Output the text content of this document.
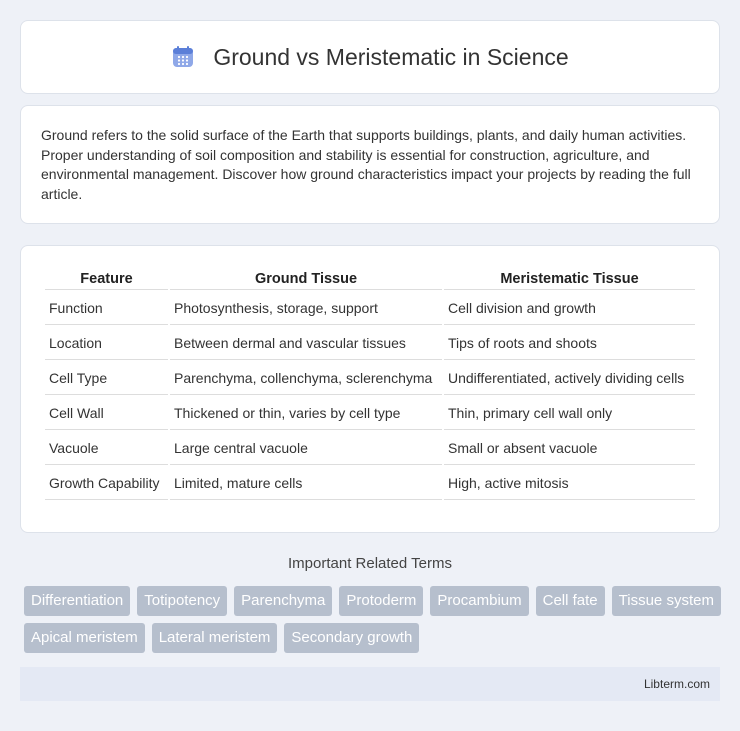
Ground vs Meristematic in Science

Ground refers to the solid surface of the Earth that supports buildings, plants, and daily human activities. Proper understanding of soil composition and stability is essential for construction, agriculture, and environmental management. Discover how ground characteristics impact your projects by reading the full article.

Feature	Ground Tissue	Meristematic Tissue
Function	Photosynthesis, storage, support	Cell division and growth
Location	Between dermal and vascular tissues	Tips of roots and shoots
Cell Type	Parenchyma, collenchyma, sclerenchyma	Undifferentiated, actively dividing cells
Cell Wall	Thickened or thin, varies by cell type	Thin, primary cell wall only
Vacuole	Large central vacuole	Small or absent vacuole
Growth Capability	Limited, mature cells	High, active mitosis
Important Related Terms
Differentiation	Totipotency	Parenchyma	Protoderm	Procambium	Cell fate	Tissue system
Apical meristem	Lateral meristem	Secondary growth
Libterm.com
